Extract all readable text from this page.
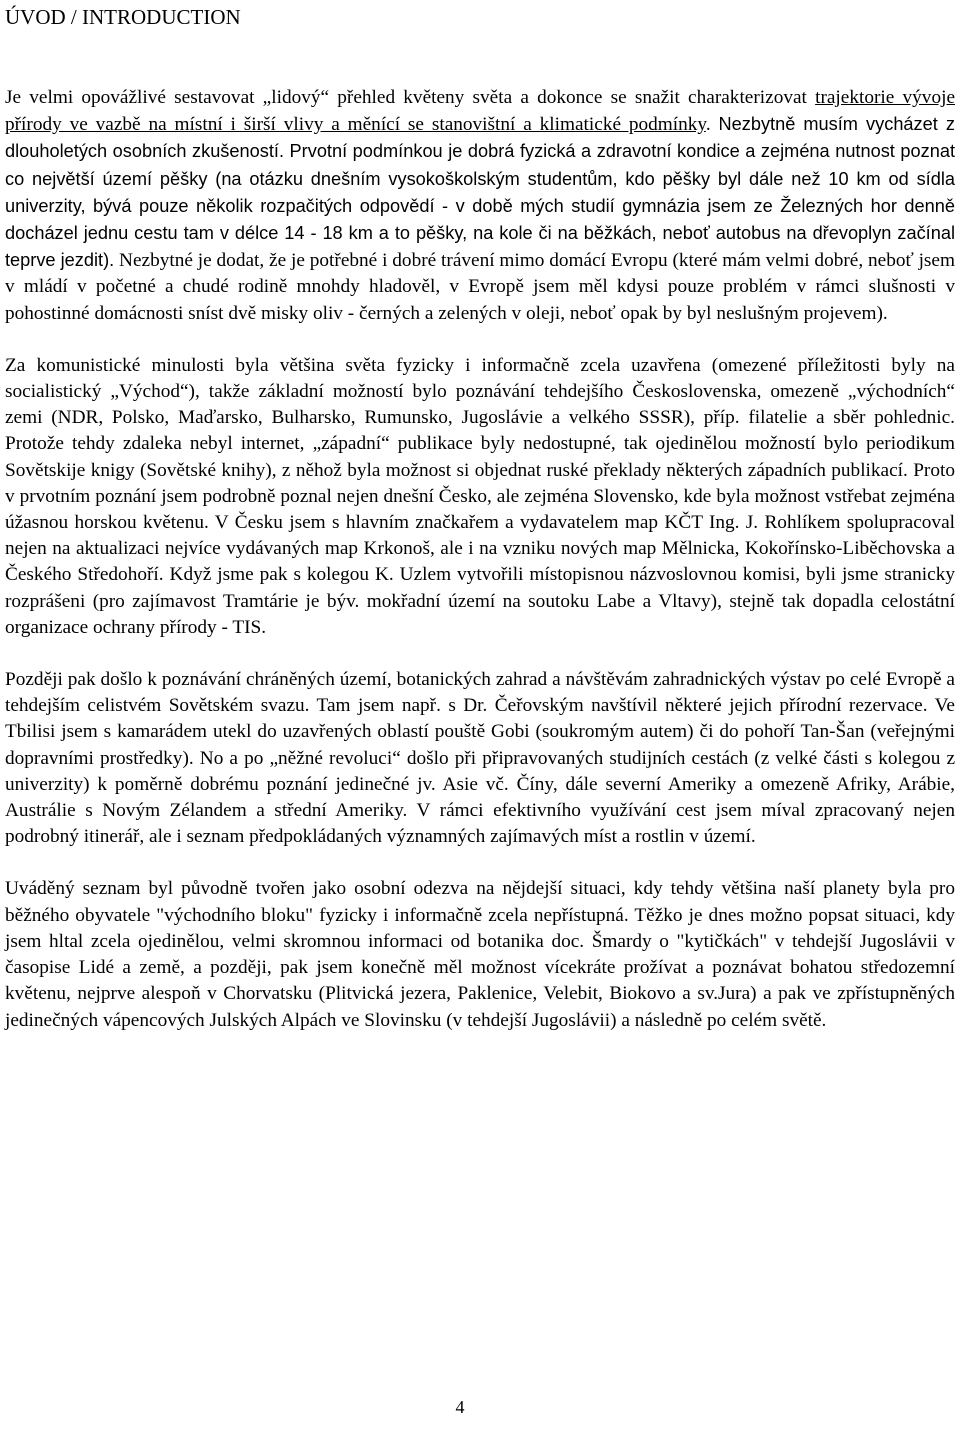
ÚVOD / INTRODUCTION

Je velmi opovážlivé sestavovat „lidový“ přehled květeny světa a dokonce se snažit charakterizovat trajektorie vývoje přírody ve vazbě na místní i širší vlivy a měnící se stanovištní a klimatické podmínky. Nezbytně musím vycházet z dlouholetých osobních zkušeností. Prvotní podmínkou je dobrá fyzická a zdravotní kondice a zejména nutnost poznat co největší území pěšky (na otázku dnešním vysokoškolským studentům, kdo pěšky byl dále než 10 km od sídla univerzity, bývá pouze několik rozpačitých odpovědí - v době mých studií gymnázia jsem ze Železných hor denně docházel jednu cestu tam v délce 14 - 18 km a to pěšky, na kole či na běžkách, neboť autobus na dřevoplyn začínal teprve jezdit). Nezbytné je dodat, že je potřebné i dobré trávení mimo domácí Evropu (které mám velmi dobré, neboť jsem v mládí v početné a chudé rodině mnohdy hladověl, v Evropě jsem měl kdysi pouze problém v rámci slušnosti v pohostinné domácnosti sníst dvě misky oliv - černých a zelených v oleji, neboť opak by byl neslušným projevem).

Za komunistické minulosti byla většina světa fyzicky i informačně zcela uzavřena (omezené příležitosti byly na socialistický „Východ“), takže základní možností bylo poznávání tehdejšího Československa, omezeně „východních“ zemi (NDR, Polsko, Maďarsko, Bulharsko, Rumunsko, Jugoslávie a velkého SSSR), příp. filatelie a sběr pohlednic. Protože tehdy zdaleka nebyl internet, „západní“ publikace byly nedostupné, tak ojedinělou možností bylo periodikum Sovětskije knigy (Sovětské knihy), z něhož byla možnost si objednat ruské překlady některých západních publikací. Proto v prvotním poznání jsem podrobně poznal nejen dnešní Česko, ale zejména Slovensko, kde byla možnost vstřebat zejména úžasnou horskou květenu. V Česku jsem s hlavním značkařem a vydavatelem map KČT Ing. J. Rohlíkem spolupracoval nejen na aktualizaci nejvíce vydávaných map Krkonoš, ale i na vzniku nových map Mělnicka, Kokořínsko-Liběchovska a Českého Středohoří. Když jsme pak s kolegou K. Uzlem vytvořili místopisnou názvoslovnou komisi, byli jsme stranicky rozprášeni (pro zajímavost Tramtárie je býv. mokřadní území na soutoku Labe a Vltavy), stejně tak dopadla celostátní organizace ochrany přírody - TIS.

Později pak došlo k poznávání chráněných území, botanických zahrad a návštěvám zahradnických výstav po celé Evropě a tehdejším celistvém Sovětském svazu. Tam jsem např. s Dr. Čeřovským navštívil některé jejich přírodní rezervace. Ve Tbilisi jsem s kamarádem utekl do uzavřených oblastí pouště Gobi (soukromým autem) či do pohoří Tan-Šan (veřejnými dopravními prostředky). No a po „něžné revoluci“ došlo při připravovaných studijních cestách (z velké části s kolegou z univerzity) k poměrně dobrému poznání jedinečné jv. Asie vč. Číny, dále severní Ameriky a omezeně Afriky, Arábie, Austrálie s Novým Zélandem a střední Ameriky. V rámci efektivního využívání cest jsem míval zpracovaný nejen podrobný itinerář, ale i seznam předpokládaných významných zajímavých míst a rostlin v území.

Uváděný seznam byl původně tvořen jako osobní odezva na nějdejší situaci, kdy tehdy většina naší planety byla pro běžného obyvatele "východního bloku" fyzicky i informačně zcela nepřístupná. Těžko je dnes možno popsat situaci, kdy jsem hltal zcela ojedinělou, velmi skromnou informaci od botanika doc. Šmardy o "kytičkách" v tehdejší Jugoslávii v časopise Lidé a země, a později, pak jsem konečně měl možnost vícekráte prožívat a poznávat bohatou středozemní květenu, nejprve alespoň v Chorvatsku (Plitvická jezera, Paklenice, Velebit, Biokovo a sv.Jura) a pak ve zpřístupněných jedinečných vápencových Julských Alpách ve Slovinsku (v tehdejší Jugoslávii) a následně po celém světě.

4
